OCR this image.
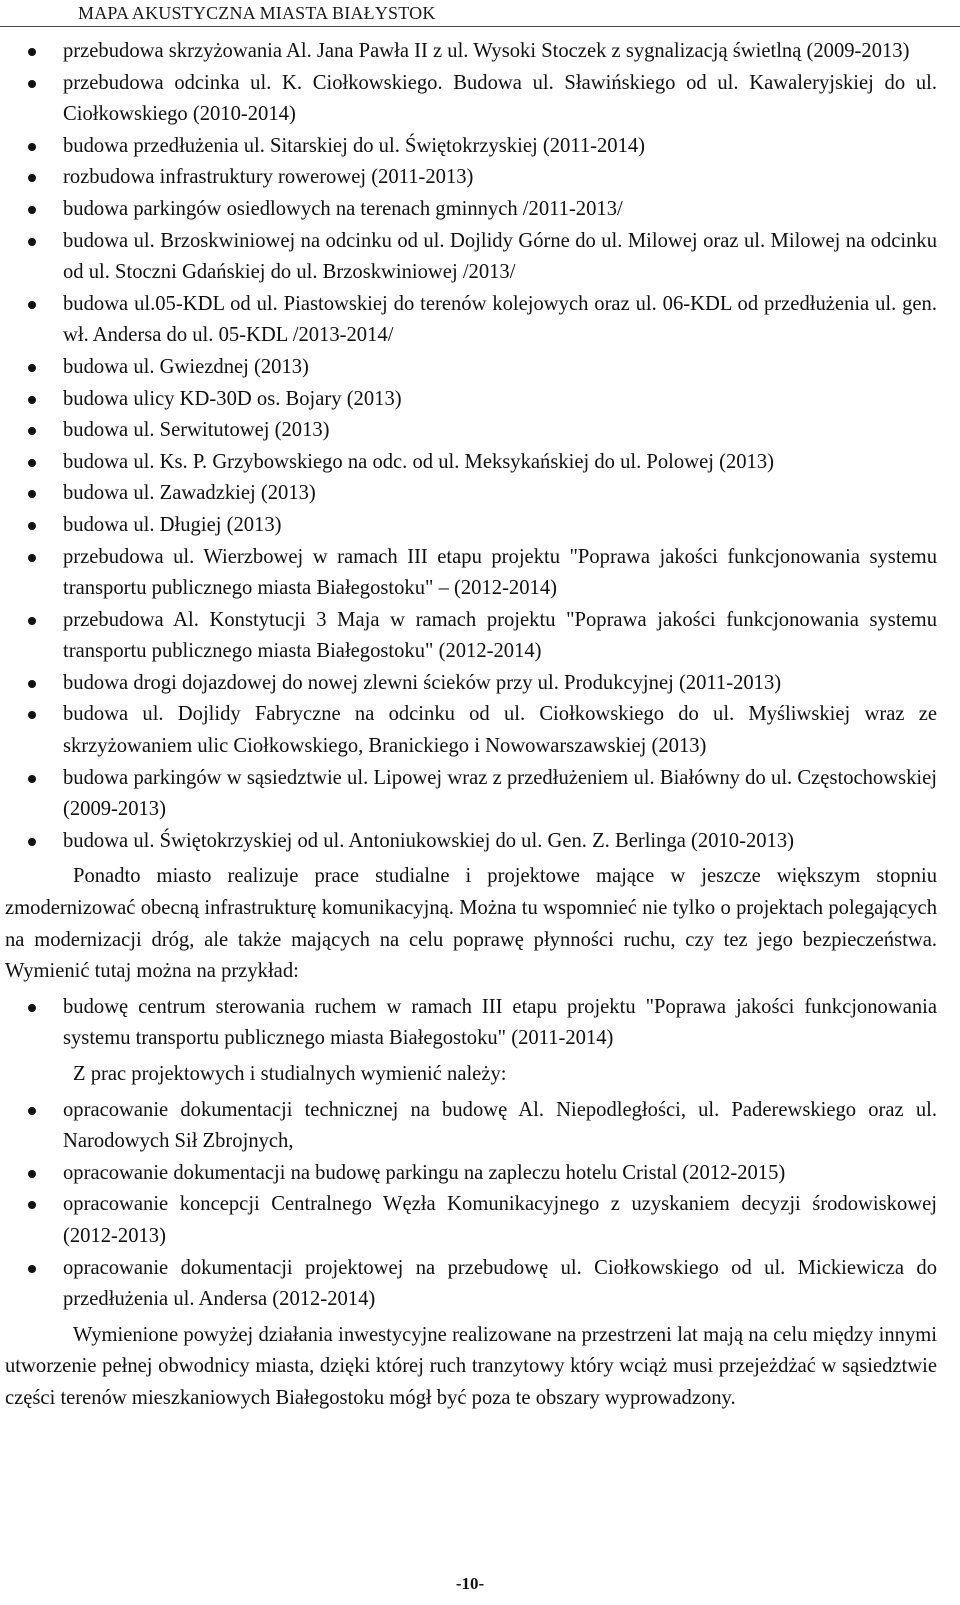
MAPA AKUSTYCZNA MIASTA BIAŁYSTOK
przebudowa skrzyżowania Al. Jana Pawła II z ul. Wysoki Stoczek z sygnalizacją świetlną (2009-2013)
przebudowa odcinka ul. K. Ciołkowskiego. Budowa ul. Sławińskiego od ul. Kawaleryjskiej do ul. Ciołkowskiego (2010-2014)
budowa przedłużenia ul. Sitarskiej do ul. Świętokrzyskiej (2011-2014)
rozbudowa infrastruktury rowerowej (2011-2013)
budowa parkingów osiedlowych na terenach gminnych /2011-2013/
budowa ul. Brzoskwiniowej na odcinku od ul. Dojlidy Górne do ul. Milowej oraz ul. Milowej na odcinku od ul. Stoczni Gdańskiej do ul. Brzoskwiniowej /2013/
budowa ul.05-KDL od ul. Piastowskiej do terenów kolejowych oraz ul. 06-KDL od przedłużenia ul. gen. wł. Andersa do ul. 05-KDL /2013-2014/
budowa ul. Gwiezdnej (2013)
budowa ulicy KD-30D os. Bojary (2013)
budowa ul. Serwitutowej (2013)
budowa ul. Ks. P. Grzybowskiego na odc. od ul. Meksykańskiej do ul. Polowej (2013)
budowa ul. Zawadzkiej (2013)
budowa ul. Długiej (2013)
przebudowa ul. Wierzbowej w ramach III etapu projektu "Poprawa jakości funkcjonowania systemu transportu publicznego miasta Białegostoku" – (2012-2014)
przebudowa Al. Konstytucji 3 Maja w ramach projektu "Poprawa jakości funkcjonowania systemu transportu publicznego miasta Białegostoku" (2012-2014)
budowa drogi dojazdowej do nowej zlewni ścieków przy ul. Produkcyjnej (2011-2013)
budowa ul. Dojlidy Fabryczne na odcinku od ul. Ciołkowskiego do ul. Myśliwskiej wraz ze skrzyżowaniem ulic Ciołkowskiego, Branickiego i Nowowarszawskiej (2013)
budowa parkingów w sąsiedztwie ul. Lipowej wraz z przedłużeniem ul. Białówny do ul. Częstochowskiej (2009-2013)
budowa ul. Świętokrzyskiej od ul. Antoniukowskiej do ul. Gen. Z. Berlinga (2010-2013)

Ponadto miasto realizuje prace studialne i projektowe mające w jeszcze większym stopniu zmodernizować obecną infrastrukturę komunikacyjną. Można tu wspomnieć nie tylko o projektach polegających na modernizacji dróg, ale także mających na celu poprawę płynności ruchu, czy tez jego bezpieczeństwa. Wymienić tutaj można na przykład:

budowę centrum sterowania ruchem w ramach III etapu projektu "Poprawa jakości funkcjonowania systemu transportu publicznego miasta Białegostoku" (2011-2014)

Z prac projektowych i studialnych wymienić należy:

opracowanie dokumentacji technicznej na budowę Al. Niepodległości, ul. Paderewskiego oraz ul. Narodowych Sił Zbrojnych,
opracowanie dokumentacji na budowę parkingu na zapleczu hotelu Cristal (2012-2015)
opracowanie koncepcji Centralnego Węzła Komunikacyjnego z uzyskaniem decyzji środowiskowej (2012-2013)
opracowanie dokumentacji projektowej na przebudowę ul. Ciołkowskiego od ul. Mickiewicza do przedłużenia ul. Andersa (2012-2014)

Wymienione powyżej działania inwestycyjne realizowane na przestrzeni lat mają na celu między innymi utworzenie pełnej obwodnicy miasta, dzięki której ruch tranzytowy który wciąż musi przejeżdżać w sąsiedztwie części terenów mieszkaniowych Białegostoku mógł być poza te obszary wyprowadzony.

-10-
